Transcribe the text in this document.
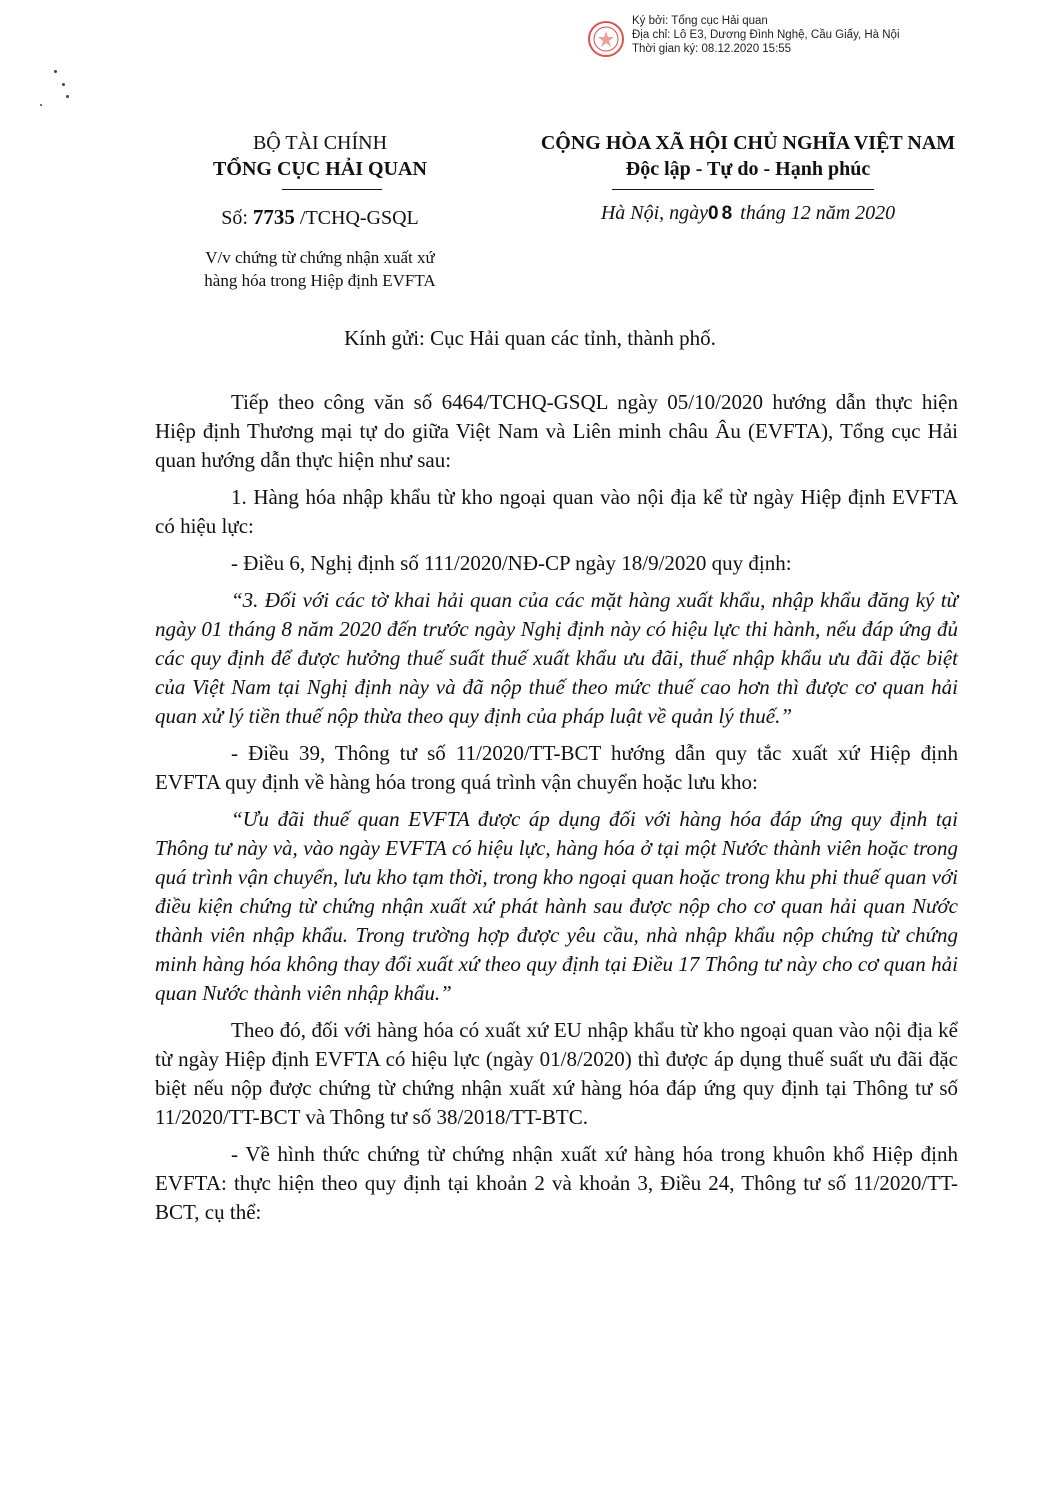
Ký bởi: Tổng cục Hải quan
Địa chỉ: Lô E3, Dương Đình Nghệ, Cầu Giấy, Hà Nội
Thời gian ký: 08.12.2020 15:55
BỘ TÀI CHÍNH
TỔNG CỤC HẢI QUAN
CỘNG HÒA XÃ HỘI CHỦ NGHĨA VIỆT NAM
Độc lập - Tự do - Hạnh phúc
Số: 7735 /TCHQ-GSQL	Hà Nội, ngày08 tháng 12 năm 2020
V/v chứng từ chứng nhận xuất xứ
hàng hóa trong Hiệp định EVFTA
Kính gửi: Cục Hải quan các tỉnh, thành phố.

Tiếp theo công văn số 6464/TCHQ-GSQL ngày 05/10/2020 hướng dẫn thực hiện Hiệp định Thương mại tự do giữa Việt Nam và Liên minh châu Âu (EVFTA), Tổng cục Hải quan hướng dẫn thực hiện như sau:

1. Hàng hóa nhập khẩu từ kho ngoại quan vào nội địa kể từ ngày Hiệp định EVFTA có hiệu lực:

- Điều 6, Nghị định số 111/2020/NĐ-CP ngày 18/9/2020 quy định:

“3. Đối với các tờ khai hải quan của các mặt hàng xuất khẩu, nhập khẩu đăng ký từ ngày 01 tháng 8 năm 2020 đến trước ngày Nghị định này có hiệu lực thi hành, nếu đáp ứng đủ các quy định để được hưởng thuế suất thuế xuất khẩu ưu đãi, thuế nhập khẩu ưu đãi đặc biệt của Việt Nam tại Nghị định này và đã nộp thuế theo mức thuế cao hơn thì được cơ quan hải quan xử lý tiền thuế nộp thừa theo quy định của pháp luật về quản lý thuế.”

- Điều 39, Thông tư số 11/2020/TT-BCT hướng dẫn quy tắc xuất xứ Hiệp định EVFTA quy định về hàng hóa trong quá trình vận chuyển hoặc lưu kho:

“Ưu đãi thuế quan EVFTA được áp dụng đối với hàng hóa đáp ứng quy định tại Thông tư này và, vào ngày EVFTA có hiệu lực, hàng hóa ở tại một Nước thành viên hoặc trong quá trình vận chuyển, lưu kho tạm thời, trong kho ngoại quan hoặc trong khu phi thuế quan với điều kiện chứng từ chứng nhận xuất xứ phát hành sau được nộp cho cơ quan hải quan Nước thành viên nhập khẩu. Trong trường hợp được yêu cầu, nhà nhập khẩu nộp chứng từ chứng minh hàng hóa không thay đổi xuất xứ theo quy định tại Điều 17 Thông tư này cho cơ quan hải quan Nước thành viên nhập khẩu.”

Theo đó, đối với hàng hóa có xuất xứ EU nhập khẩu từ kho ngoại quan vào nội địa kể từ ngày Hiệp định EVFTA có hiệu lực (ngày 01/8/2020) thì được áp dụng thuế suất ưu đãi đặc biệt nếu nộp được chứng từ chứng nhận xuất xứ hàng hóa đáp ứng quy định tại Thông tư số 11/2020/TT-BCT và Thông tư số 38/2018/TT-BTC.

- Về hình thức chứng từ chứng nhận xuất xứ hàng hóa trong khuôn khổ Hiệp định EVFTA: thực hiện theo quy định tại khoản 2 và khoản 3, Điều 24, Thông tư số 11/2020/TT-BCT, cụ thể:
